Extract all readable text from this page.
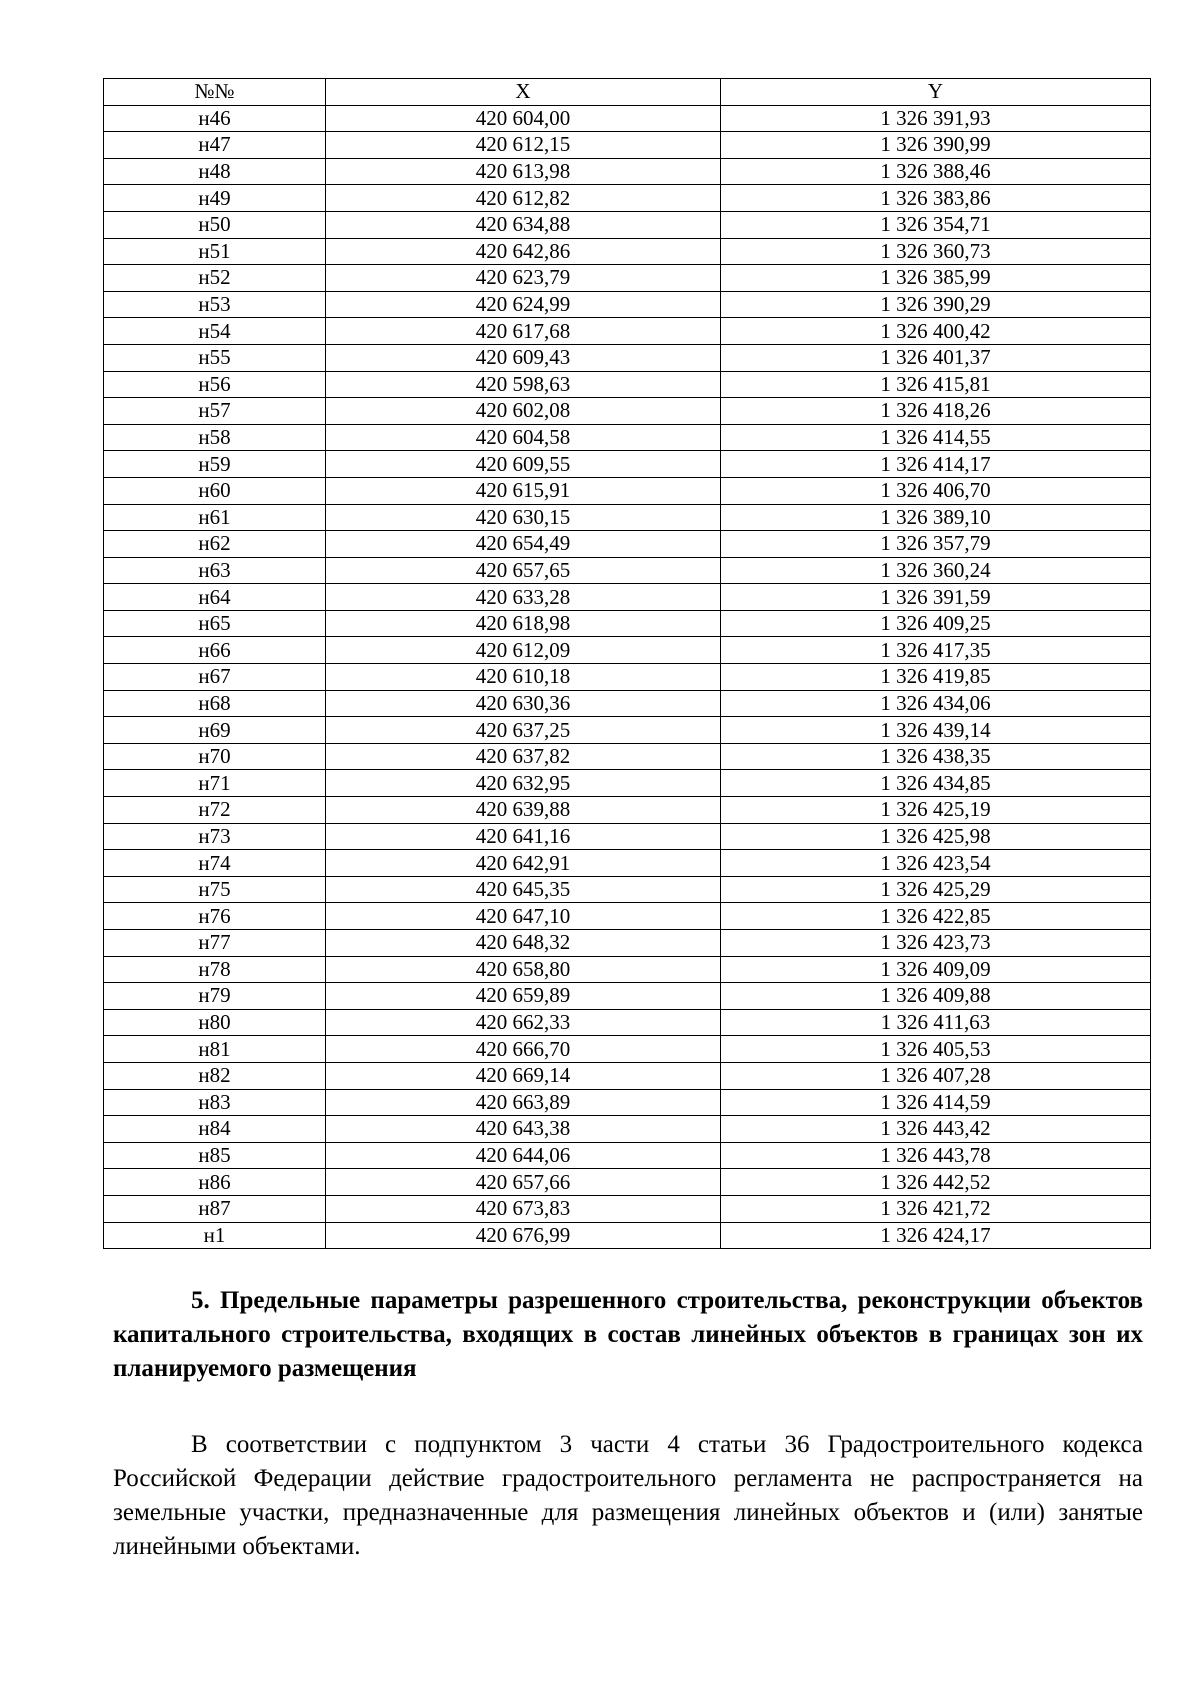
№№	X	Y
н46	420 604,00	1 326 391,93
н47	420 612,15	1 326 390,99
н48	420 613,98	1 326 388,46
н49	420 612,82	1 326 383,86
н50	420 634,88	1 326 354,71
н51	420 642,86	1 326 360,73
н52	420 623,79	1 326 385,99
н53	420 624,99	1 326 390,29
н54	420 617,68	1 326 400,42
н55	420 609,43	1 326 401,37
н56	420 598,63	1 326 415,81
н57	420 602,08	1 326 418,26
н58	420 604,58	1 326 414,55
н59	420 609,55	1 326 414,17
н60	420 615,91	1 326 406,70
н61	420 630,15	1 326 389,10
н62	420 654,49	1 326 357,79
н63	420 657,65	1 326 360,24
н64	420 633,28	1 326 391,59
н65	420 618,98	1 326 409,25
н66	420 612,09	1 326 417,35
н67	420 610,18	1 326 419,85
н68	420 630,36	1 326 434,06
н69	420 637,25	1 326 439,14
н70	420 637,82	1 326 438,35
н71	420 632,95	1 326 434,85
н72	420 639,88	1 326 425,19
н73	420 641,16	1 326 425,98
н74	420 642,91	1 326 423,54
н75	420 645,35	1 326 425,29
н76	420 647,10	1 326 422,85
н77	420 648,32	1 326 423,73
н78	420 658,80	1 326 409,09
н79	420 659,89	1 326 409,88
н80	420 662,33	1 326 411,63
н81	420 666,70	1 326 405,53
н82	420 669,14	1 326 407,28
н83	420 663,89	1 326 414,59
н84	420 643,38	1 326 443,42
н85	420 644,06	1 326 443,78
н86	420 657,66	1 326 442,52
н87	420 673,83	1 326 421,72
н1	420 676,99	1 326 424,17

5. Предельные параметры разрешенного строительства, реконструкции объектов капитального строительства, входящих в состав линейных объектов в границах зон их планируемого размещения

В соответствии с подпунктом 3 части 4 статьи 36 Градостроительного кодекса Российской Федерации действие градостроительного регламента не распространяется на земельные участки, предназначенные для размещения линейных объектов и (или) занятые линейными объектами.
